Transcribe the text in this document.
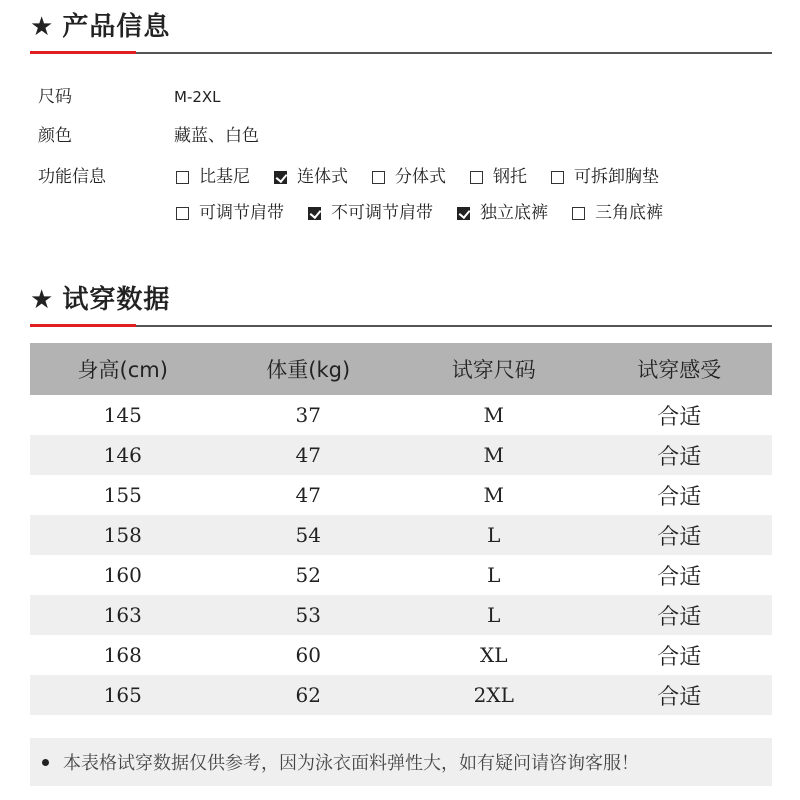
★ 产品信息
尺码	M-2XL
颜色	藏蓝、白色
功能信息	比基尼	连体式	分体式	钢托	可拆卸胸垫
可调节肩带	不可调节肩带	独立底裤	三角底裤
★ 试穿数据
身高(cm)	体重(kg)	试穿尺码	试穿感受
145	37	M	合适
146	47	M	合适
155	47	M	合适
158	54	L	合适
160	52	L	合适
163	53	L	合适
168	60	XL	合适
165	62	2XL	合适
本表格试穿数据仅供参考，因为泳衣面料弹性大，如有疑问请咨询客服！
